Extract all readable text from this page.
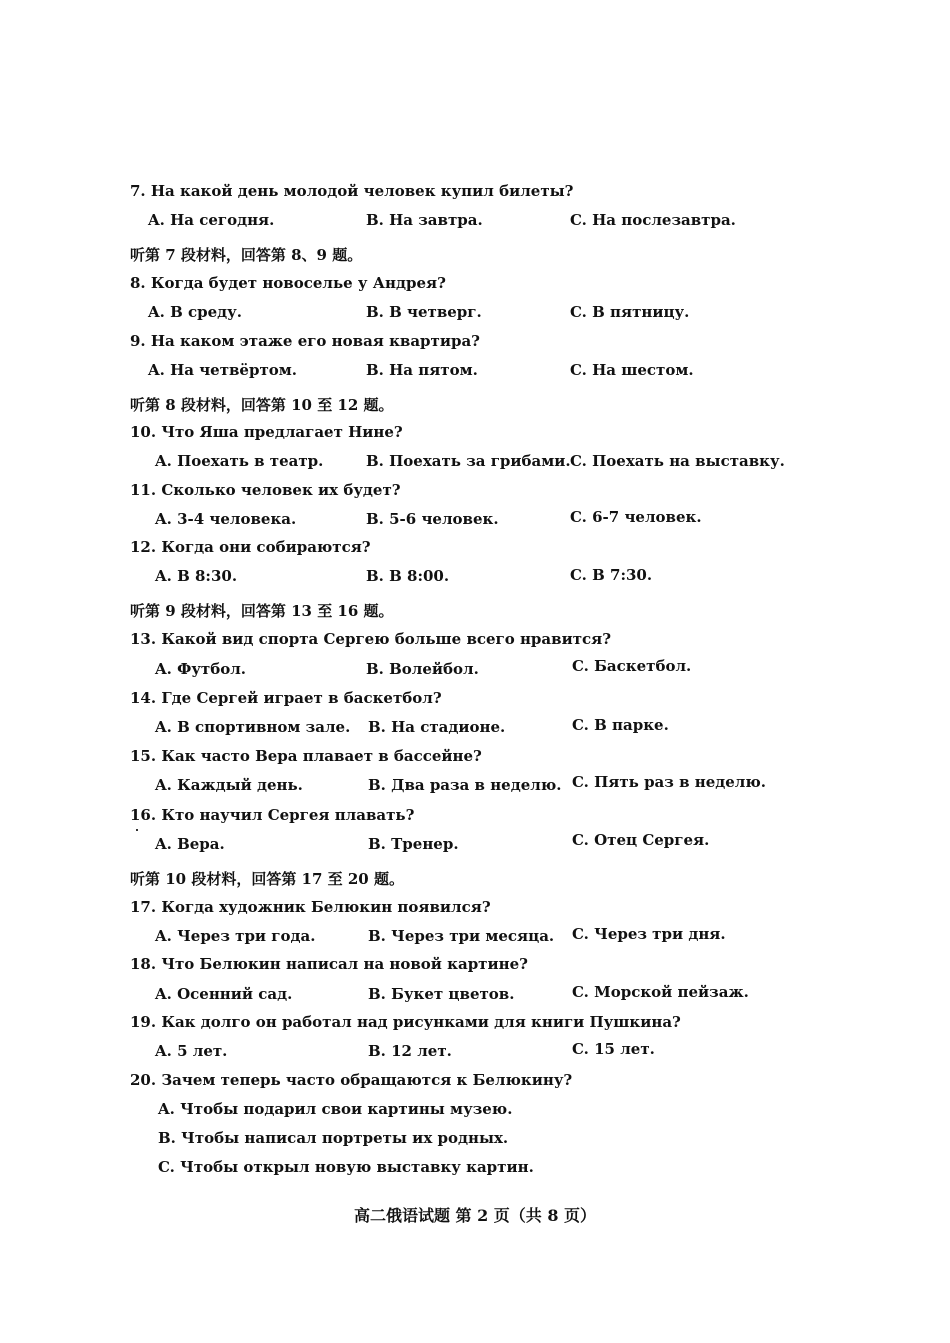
7. На какой день молодой человек купил билеты?
A. На сегодня.	B. На завтра.	C. На послезавтра.
听第 7 段材料，回答第 8、9 题。
8. Когда будет новоселье у Андрея?
A. В среду.	B. В четверг.	C. В пятницу.
9. На каком этаже его новая квартира?
A. На четвёртом.	B. На пятом.	C. На шестом.
听第 8 段材料，回答第 10 至 12 题。
10. Что Яша предлагает Нине?
A. Поехать в театр.	B. Поехать за грибами. C. Поехать на выставку.
11. Сколько человек их будет?
A. 3-4 человека.	B. 5-6 человек.	C. 6-7 человек.
12. Когда они собираются?
A. В 8:30.	B. В 8:00.	C. В 7:30.
听第 9 段材料，回答第 13 至 16 题。
13. Какой вид спорта Сергею больше всего нравится?
A. Футбол.	B. Волейбол.	C. Баскетбол.
14. Где Сергей играет в баскетбол?
A. В спортивном зале. B. На стадионе.	C. В парке.
15. Как часто Вера плавает в бассейне?
A. Каждый день.	B. Два раза в неделю. C. Пять раз в неделю.
16. Кто научил Сергея плавать?
A. Вера.	B. Тренер.	C. Отец Сергея.
听第 10 段材料，回答第 17 至 20 题。
17. Когда художник Белюкин появился?
A. Через три года.	B. Через три месяца. C. Через три дня.
18. Что Белюкин написал на новой картине?
A. Осенний сад.	B. Букет цветов.	C. Морской пейзаж.
19. Как долго он работал над рисунками для книги Пушкина?
A. 5 лет.	B. 12 лет.	C. 15 лет.
20. Зачем теперь часто обращаются к Белюкину?
A. Чтобы подарил свои картины музею.
B. Чтобы написал портреты их родных.
C. Чтобы открыл новую выставку картин.
高二俄语试题 第 2 页（共 8 页）
